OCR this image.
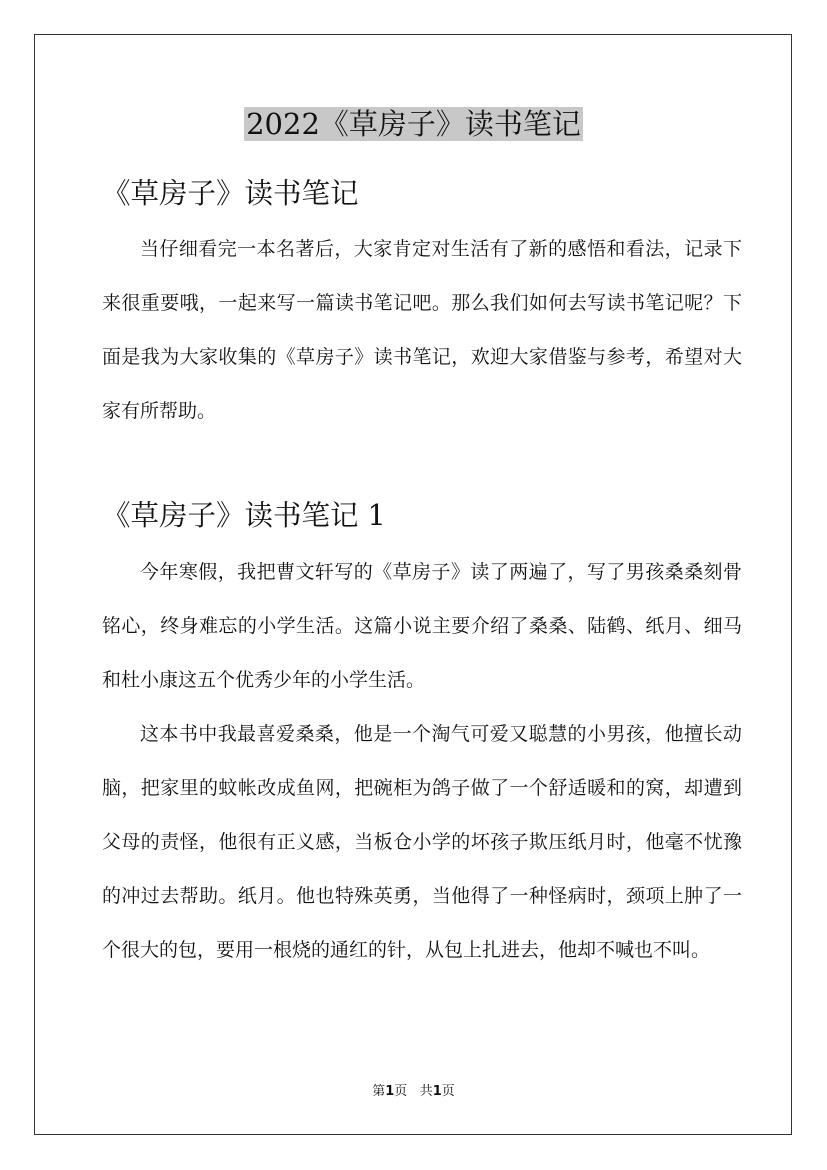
2022《草房子》读书笔记
《草房子》读书笔记

当仔细看完一本名著后，大家肯定对生活有了新的感悟和看法，记录下来很重要哦，一起来写一篇读书笔记吧。那么我们如何去写读书笔记呢？下面是我为大家收集的《草房子》读书笔记，欢迎大家借鉴与参考，希望对大家有所帮助。

《草房子》读书笔记 1

今年寒假，我把曹文轩写的《草房子》读了两遍了，写了男孩桑桑刻骨铭心，终身难忘的小学生活。这篇小说主要介绍了桑桑、陆鹤、纸月、细马和杜小康这五个优秀少年的小学生活。

这本书中我最喜爱桑桑，他是一个淘气可爱又聪慧的小男孩，他擅长动脑，把家里的蚊帐改成鱼网，把碗柜为鸽子做了一个舒适暖和的窝，却遭到父母的责怪，他很有正义感，当板仓小学的坏孩子欺压纸月时，他毫不忧豫的冲过去帮助。纸月。他也特殊英勇，当他得了一种怪病时，颈项上肿了一个很大的包，要用一根烧的通红的针，从包上扎进去，他却不喊也不叫。

第1页 共1页
